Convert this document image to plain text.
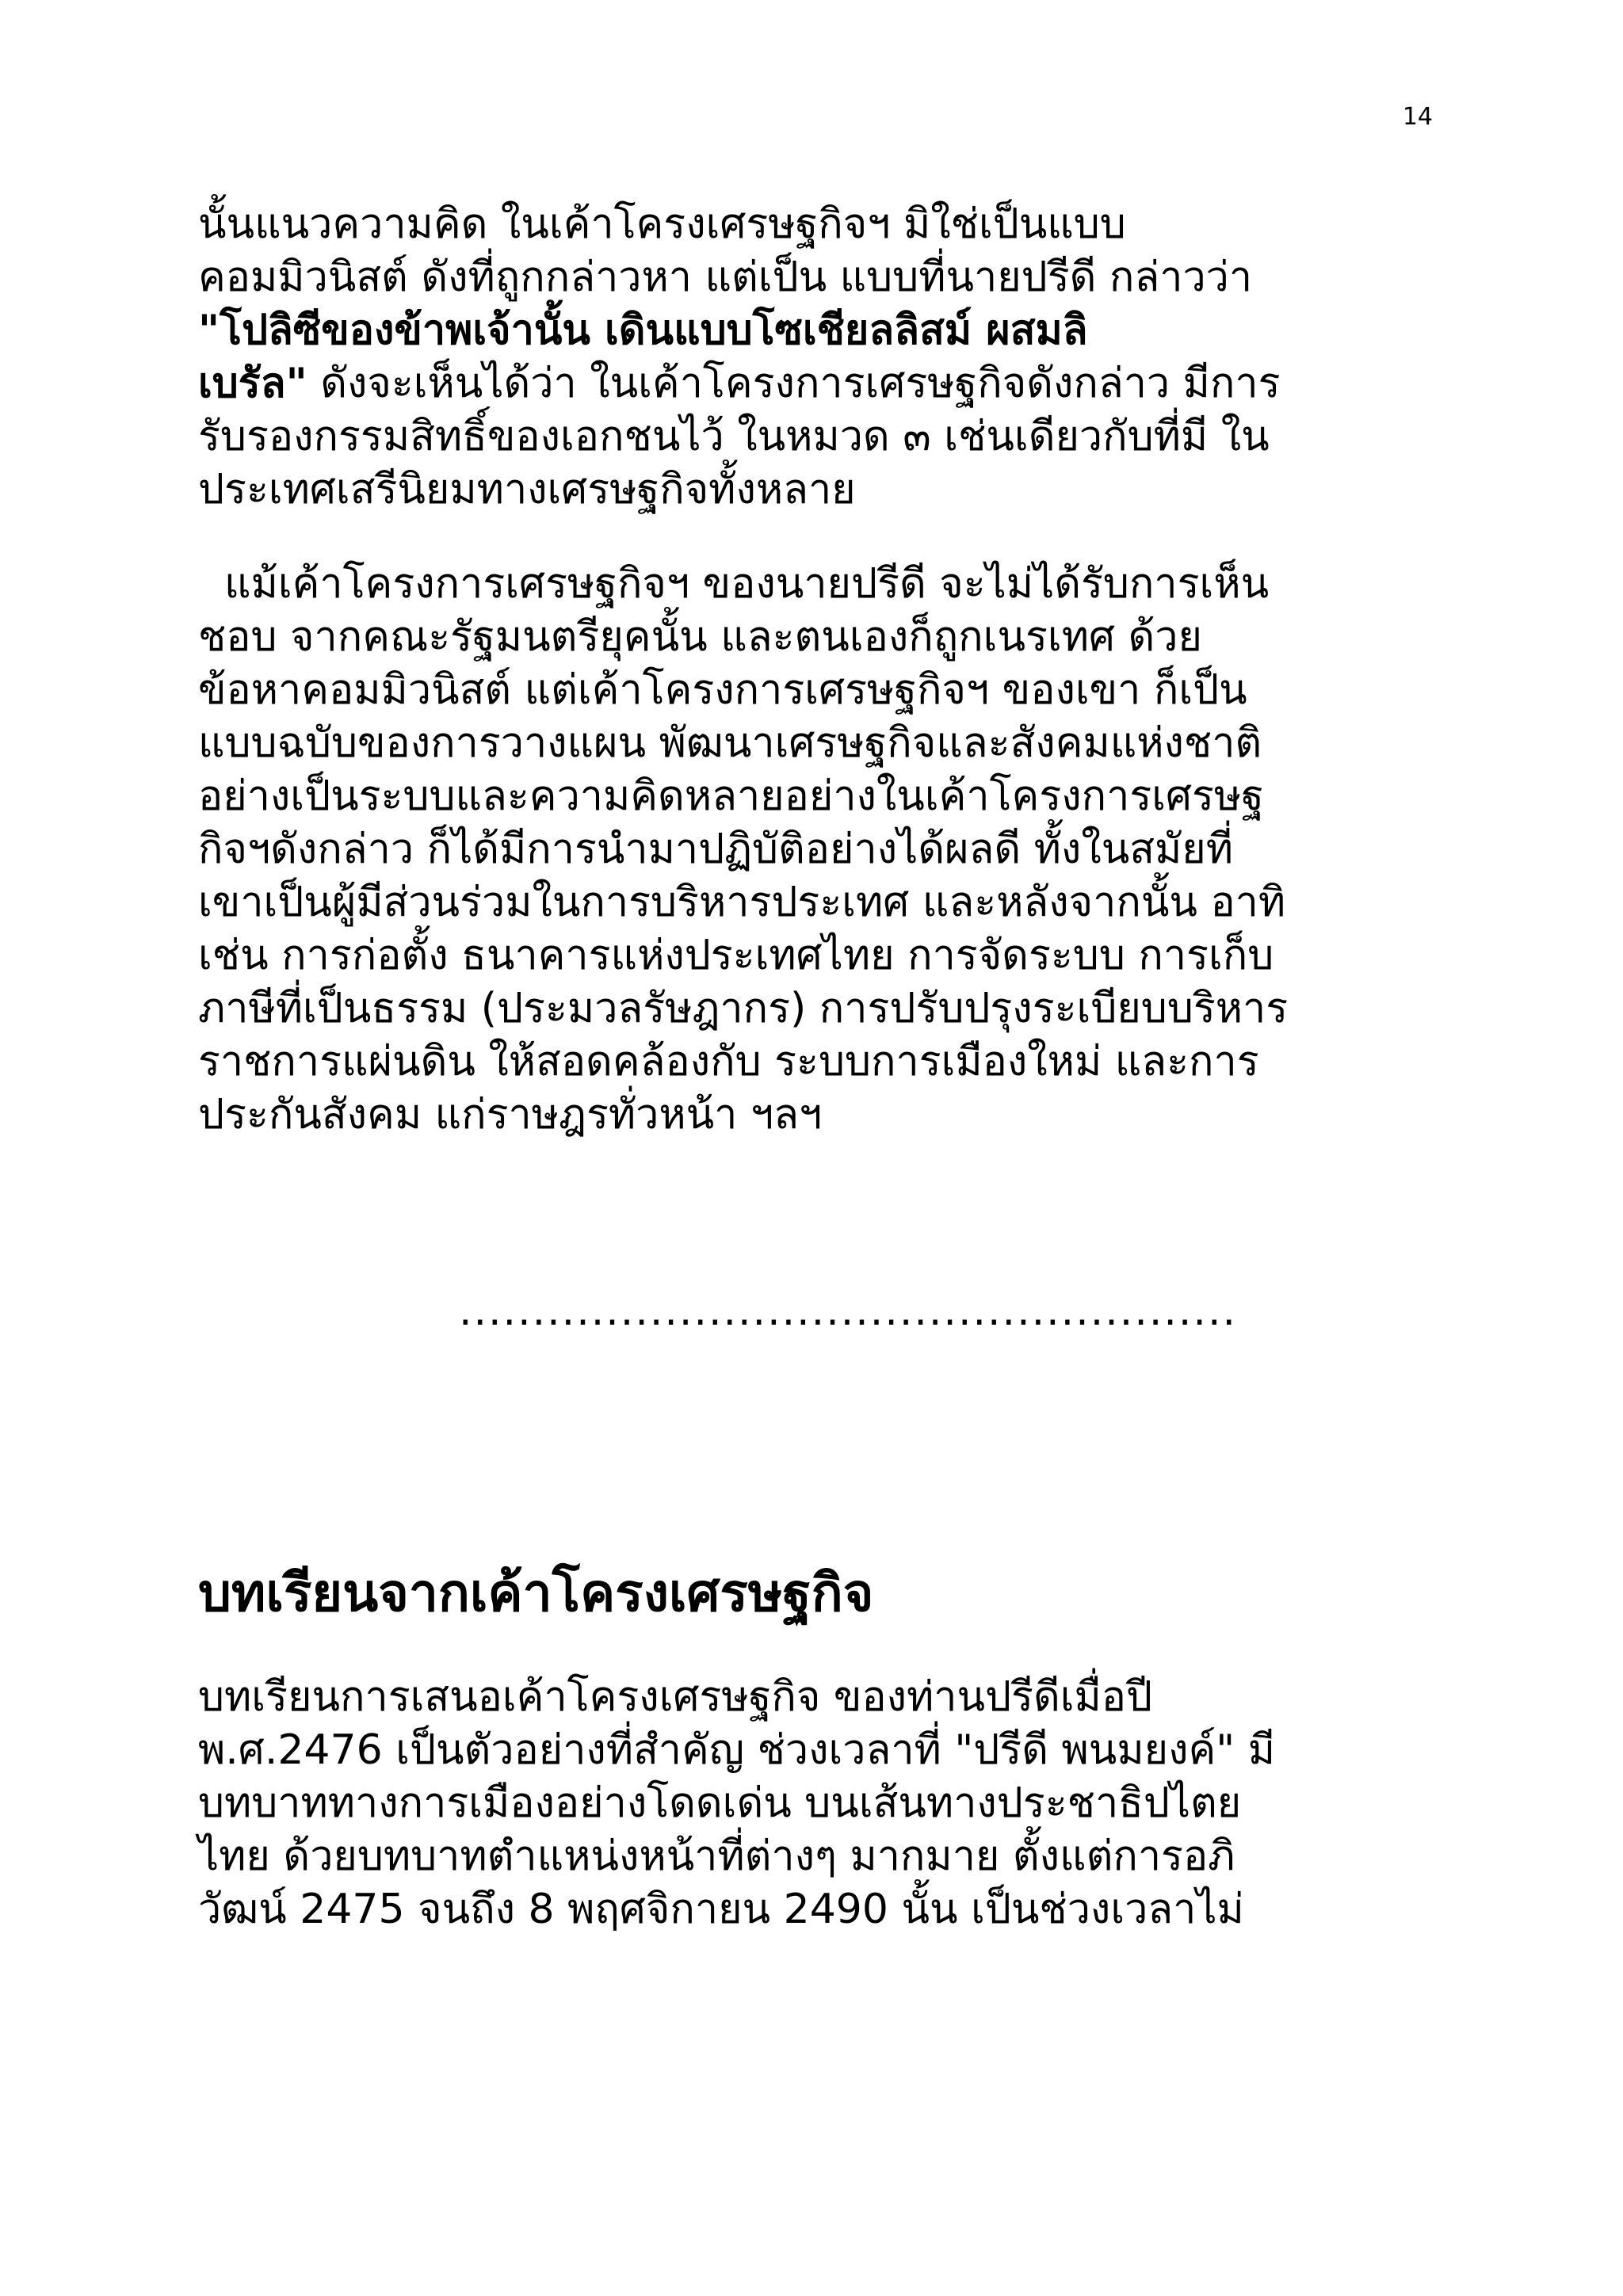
14

นั้นแนวความคิด ในเค้าโครงเศรษฐกิจฯ มิใช่เป็นแบบ
คอมมิวนิสต์ ดังที่ถูกกล่าวหา แต่เป็น แบบที่นายปรีดี กล่าวว่า
"โปลิซีของข้าพเจ้านั้น เดินแบบโซเชียลลิสม์ ผสมลิ
เบรัล" ดังจะเห็นได้ว่า ในเค้าโครงการเศรษฐกิจดังกล่าว มีการ
รับรองกรรมสิทธิ์ของเอกชนไว้ ในหมวด ๓ เช่นเดียวกับที่มี ใน
ประเทศเสรีนิยมทางเศรษฐกิจทั้งหลาย

แม้เค้าโครงการเศรษฐกิจฯ ของนายปรีดี จะไม่ได้รับการเห็น
ชอบ จากคณะรัฐมนตรียุคนั้น และตนเองก็ถูกเนรเทศ ด้วย
ข้อหาคอมมิวนิสต์ แต่เค้าโครงการเศรษฐกิจฯ ของเขา ก็เป็น
แบบฉบับของการวางแผน พัฒนาเศรษฐกิจและสังคมแห่งชาติ
อย่างเป็นระบบและความคิดหลายอย่างในเค้าโครงการเศรษฐ
กิจฯดังกล่าว ก็ได้มีการนำมาปฏิบัติอย่างได้ผลดี ทั้งในสมัยที่
เขาเป็นผู้มีส่วนร่วมในการบริหารประเทศ และหลังจากนั้น อาทิ
เช่น การก่อตั้ง ธนาคารแห่งประเทศไทย การจัดระบบ การเก็บ
ภาษีที่เป็นธรรม (ประมวลรัษฎากร) การปรับปรุงระเบียบบริหาร
ราชการแผ่นดิน ให้สอดคล้องกับ ระบบการเมืองใหม่ และการ
ประกันสังคม แก่ราษฎรทั่วหน้า ฯลฯ

.....................................................
บทเรียนจากเค้าโครงเศรษฐกิจ

บทเรียนการเสนอเค้าโครงเศรษฐกิจ ของท่านปรีดีเมื่อปี
พ.ศ.2476 เป็นตัวอย่างที่สำคัญ ช่วงเวลาที่ "ปรีดี พนมยงค์" มี
บทบาททางการเมืองอย่างโดดเด่น บนเส้นทางประชาธิปไตย
ไทย ด้วยบทบาทตำแหน่งหน้าที่ต่างๆ มากมาย ตั้งแต่การอภิ
วัฒน์ 2475 จนถึง 8 พฤศจิกายน 2490 นั้น เป็นช่วงเวลาไม่
